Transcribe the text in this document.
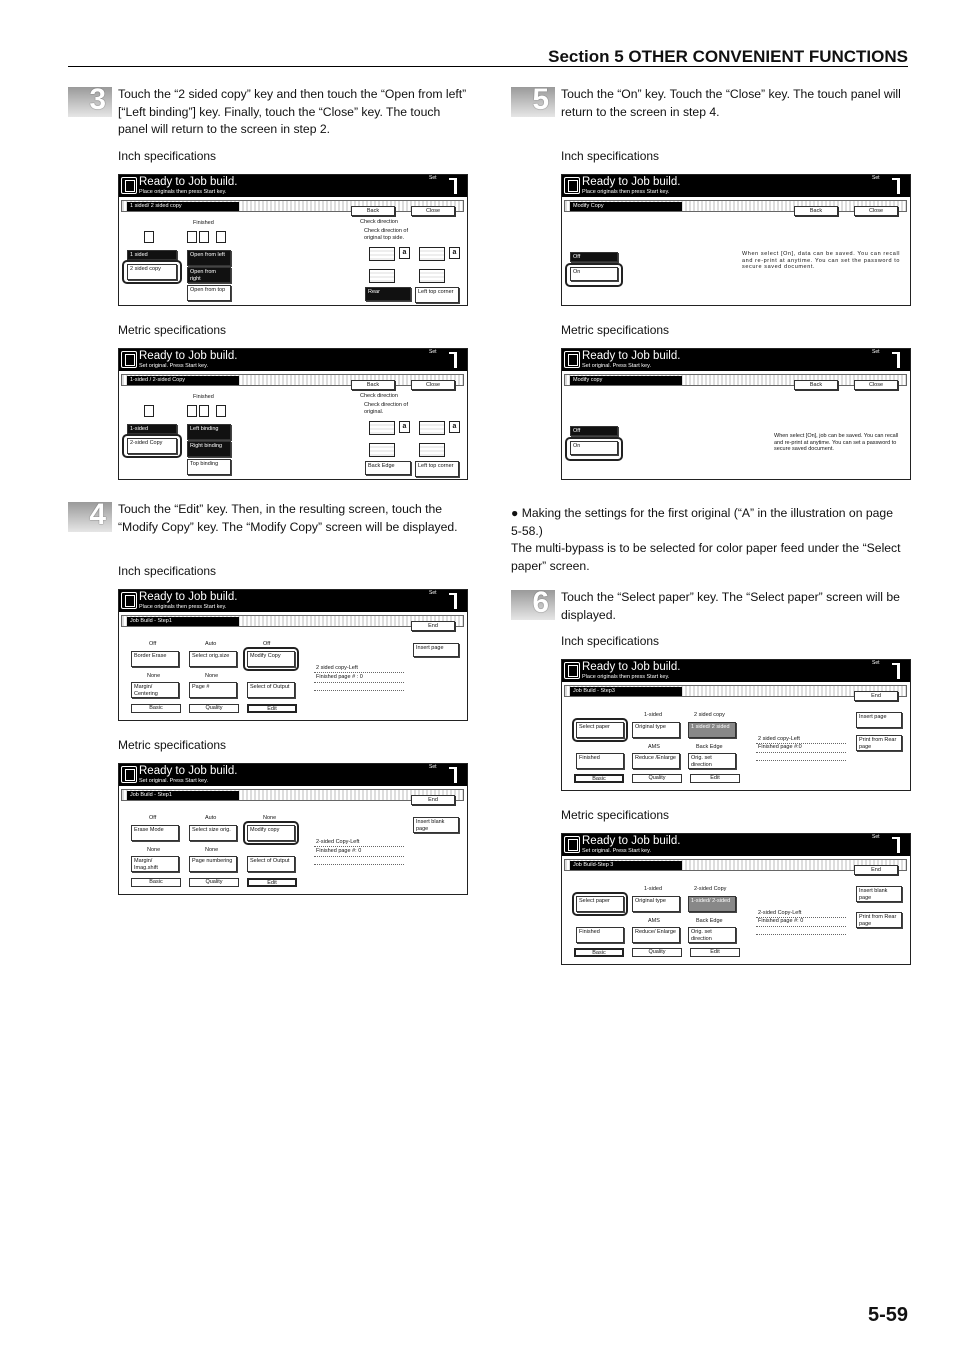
Section 5 OTHER CONVENIENT FUNCTIONS
3 Touch the “2 sided copy” key and then touch the “Open from left” [“Left binding”] key. Finally, touch the “Close” key. The touch panel will return to the screen in step 2.
Inch specifications
Ready to Job build.
Place originals then press Start key.
Set
1 sided/ 2 sided copy
Back	Close
Finished
1 sided
2 sided copy
Open from left
Open from right
Open from top
Check direction
Check direction of original top side.
a	a
Rear	Left top corner
Metric specifications
Ready to Job build.
Set original. Press Start key.
Set
1-sided / 2-sided Copy
Back	Close
Finished
1-sided
2-sided Copy
Left binding
Right binding
Top binding
Check direction
Check direction of original.
a	a
Back Edge	Left top corner
4 Touch the “Edit” key. Then, in the resulting screen, touch the “Modify Copy” key. The “Modify Copy” screen will be displayed.
Inch specifications
Ready to Job build.
Place originals then press Start key.
Set
Job Build - Step1
End
Off	Auto	Off
Border Erase	Select orig.size	Modify Copy
None	None
Margin/ Centering
Page #	Select of Output
Basic	Quality	Edit
Insert page
2 sided copy-Left
Finished page # : 0
Metric specifications
Ready to Job build.
Set original. Press Start key.
Set
Job Build - Step1
End
Off	Auto	None
Erase Mode	Select size orig.	Modify copy
None	None
Margin/ Imag.shift
Page numbering	Select of Output
Basic	Quality	Edit
Insert blank page
2-sided Copy-Left
Finished page #: 0
5 Touch the “On” key. Touch the “Close” key. The touch panel will return to the screen in step 4.
Inch specifications
Ready to Job build.
Place originals then press Start key.
Set
Modify Copy
Back	Close
Off
On
When select [On], data can be saved. You can recall and re-print at anytime. You can set the password to secure saved document.
Metric specifications
Ready to Job build.
Set original. Press Start key.
Set
Modify copy
Back	Close
Off
On
When select [On], job can be saved. You can recall and re-print at anytime. You can set a password to secure saved document.
● Making the settings for the first original (“A” in the illustration on page 5-58.)
The multi-bypass is to be selected for color paper feed under the “Select paper” screen.
6 Touch the “Select paper” key. The “Select paper” screen will be displayed.
Inch specifications
Ready to Job build.
Place originals then press Start key.
Set
Job Build - Step3
End
1-sided	2 sided copy
Select paper	Original type	1 sided/ 2 sided
AMS	Back Edge
Finished	Reduce /Enlarge	Orig. set direction
Basic	Quality	Edit
Insert page
Print from Rear page
2 sided copy-Left
Finished page #:0
Metric specifications
Ready to Job build.
Set original. Press Start key.
Set
Job Build-Step 3
End
1-sided	2-sided Copy
Select paper	Original type	1-sided/ 2-sided
AMS	Back Edge
Finished	Reduce/ Enlarge	Orig. set direction
Basic	Quality	Edit
Insert blank page
Print from Rear page
2-sided Copy-Left
Finished page #: 0
5-59
